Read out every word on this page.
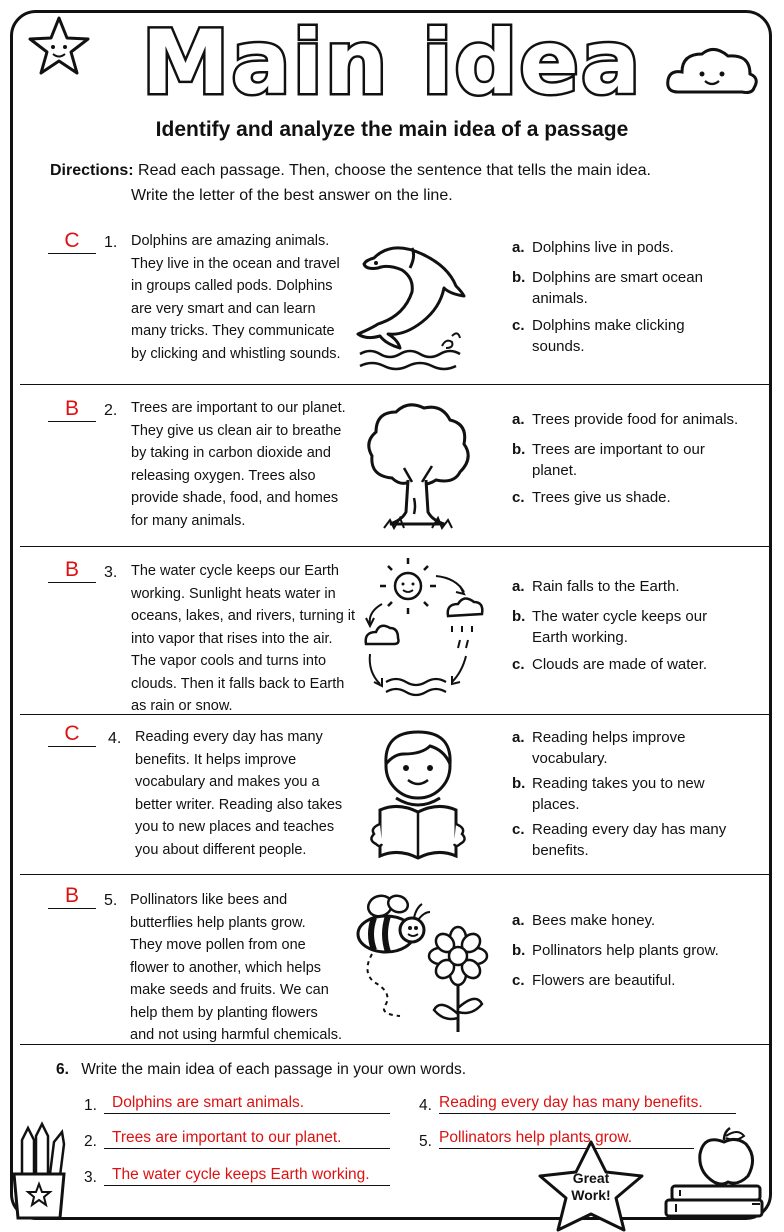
Main idea
Identify and analyze the main idea of a passage
Directions: Read each passage. Then, choose the sentence that tells the main idea.
Write the letter of the best answer on the line.
C	1. Dolphins are amazing animals.
They live in the ocean and travel
in groups called pods. Dolphins
are very smart and can learn
many tricks. They communicate
by clicking and whistling sounds.
a. Dolphins live in pods.
b. Dolphins are smart ocean
animals.
c. Dolphins make clicking
sounds.
B	2. Trees are important to our planet.
They give us clean air to breathe
by taking in carbon dioxide and
releasing oxygen. Trees also
provide shade, food, and homes
for many animals.
a. Trees provide food for animals.
b. Trees are important to our
planet.
c. Trees give us shade.
B	3. The water cycle keeps our Earth
working. Sunlight heats water in
oceans, lakes, and rivers, turning it
into vapor that rises into the air.
The vapor cools and turns into
clouds. Then it falls back to Earth
as rain or snow.
a. Rain falls to the Earth.
b. The water cycle keeps our
Earth working.
c. Clouds are made of water.
C	4. Reading every day has many
benefits. It helps improve
vocabulary and makes you a
better writer. Reading also takes
you to new places and teaches
you about different people.
a. Reading helps improve
vocabulary.
b. Reading takes you to new
places.
c. Reading every day has many
benefits.
B	5. Pollinators like bees and
butterflies help plants grow.
They move pollen from one
flower to another, which helps
make seeds and fruits. We can
help them by planting flowers
and not using harmful chemicals.
a. Bees make honey.
b. Pollinators help plants grow.
c. Flowers are beautiful.
6. Write the main idea of each passage in your own words.
1. Dolphins are smart animals.
2. Trees are important to our planet.
3. The water cycle keeps Earth working.
4. Reading every day has many benefits.
5. Pollinators help plants grow.
Great
Work!
